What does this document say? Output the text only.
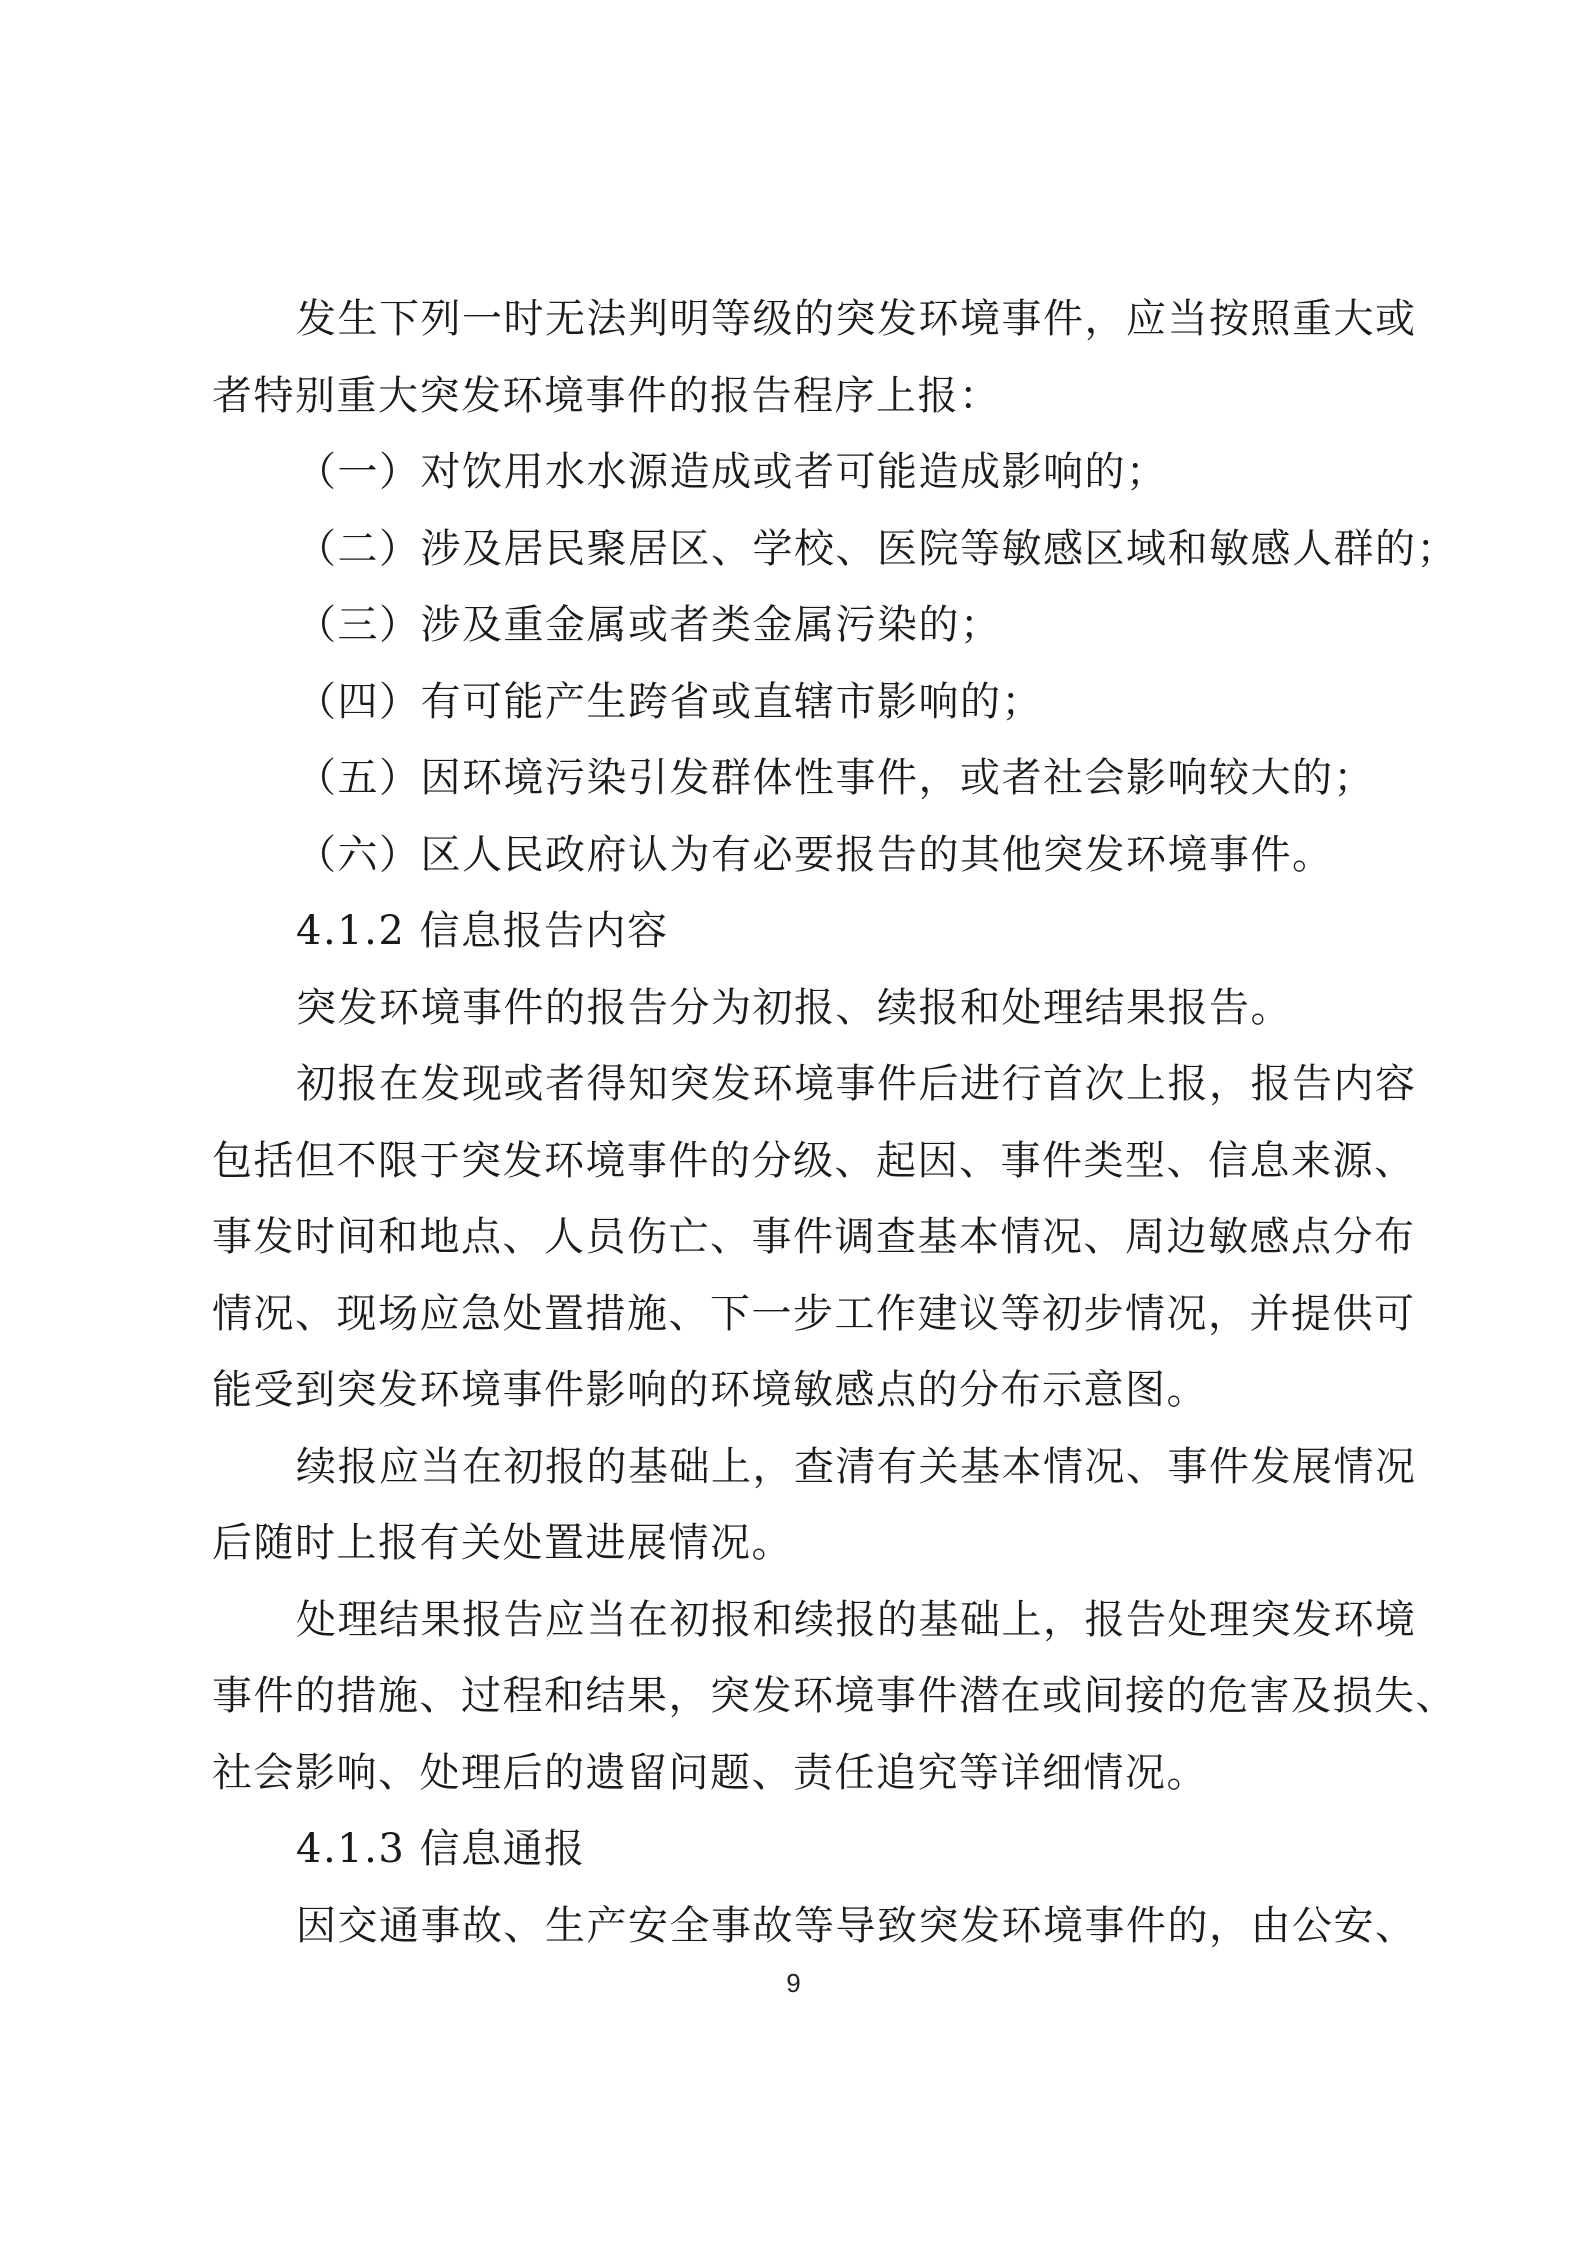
发生下列一时无法判明等级的突发环境事件，应当按照重大或
者特别重大突发环境事件的报告程序上报：
（一）对饮用水水源造成或者可能造成影响的；
（二）涉及居民聚居区、学校、医院等敏感区域和敏感人群的；
（三）涉及重金属或者类金属污染的；
（四）有可能产生跨省或直辖市影响的；
（五）因环境污染引发群体性事件，或者社会影响较大的；
（六）区人民政府认为有必要报告的其他突发环境事件。
4.1.2 信息报告内容
突发环境事件的报告分为初报、续报和处理结果报告。
初报在发现或者得知突发环境事件后进行首次上报，报告内容
包括但不限于突发环境事件的分级、起因、事件类型、信息来源、
事发时间和地点、人员伤亡、事件调查基本情况、周边敏感点分布
情况、现场应急处置措施、下一步工作建议等初步情况，并提供可
能受到突发环境事件影响的环境敏感点的分布示意图。
续报应当在初报的基础上，查清有关基本情况、事件发展情况
后随时上报有关处置进展情况。
处理结果报告应当在初报和续报的基础上，报告处理突发环境
事件的措施、过程和结果，突发环境事件潜在或间接的危害及损失、
社会影响、处理后的遗留问题、责任追究等详细情况。
4.1.3 信息通报
因交通事故、生产安全事故等导致突发环境事件的，由公安、
9
